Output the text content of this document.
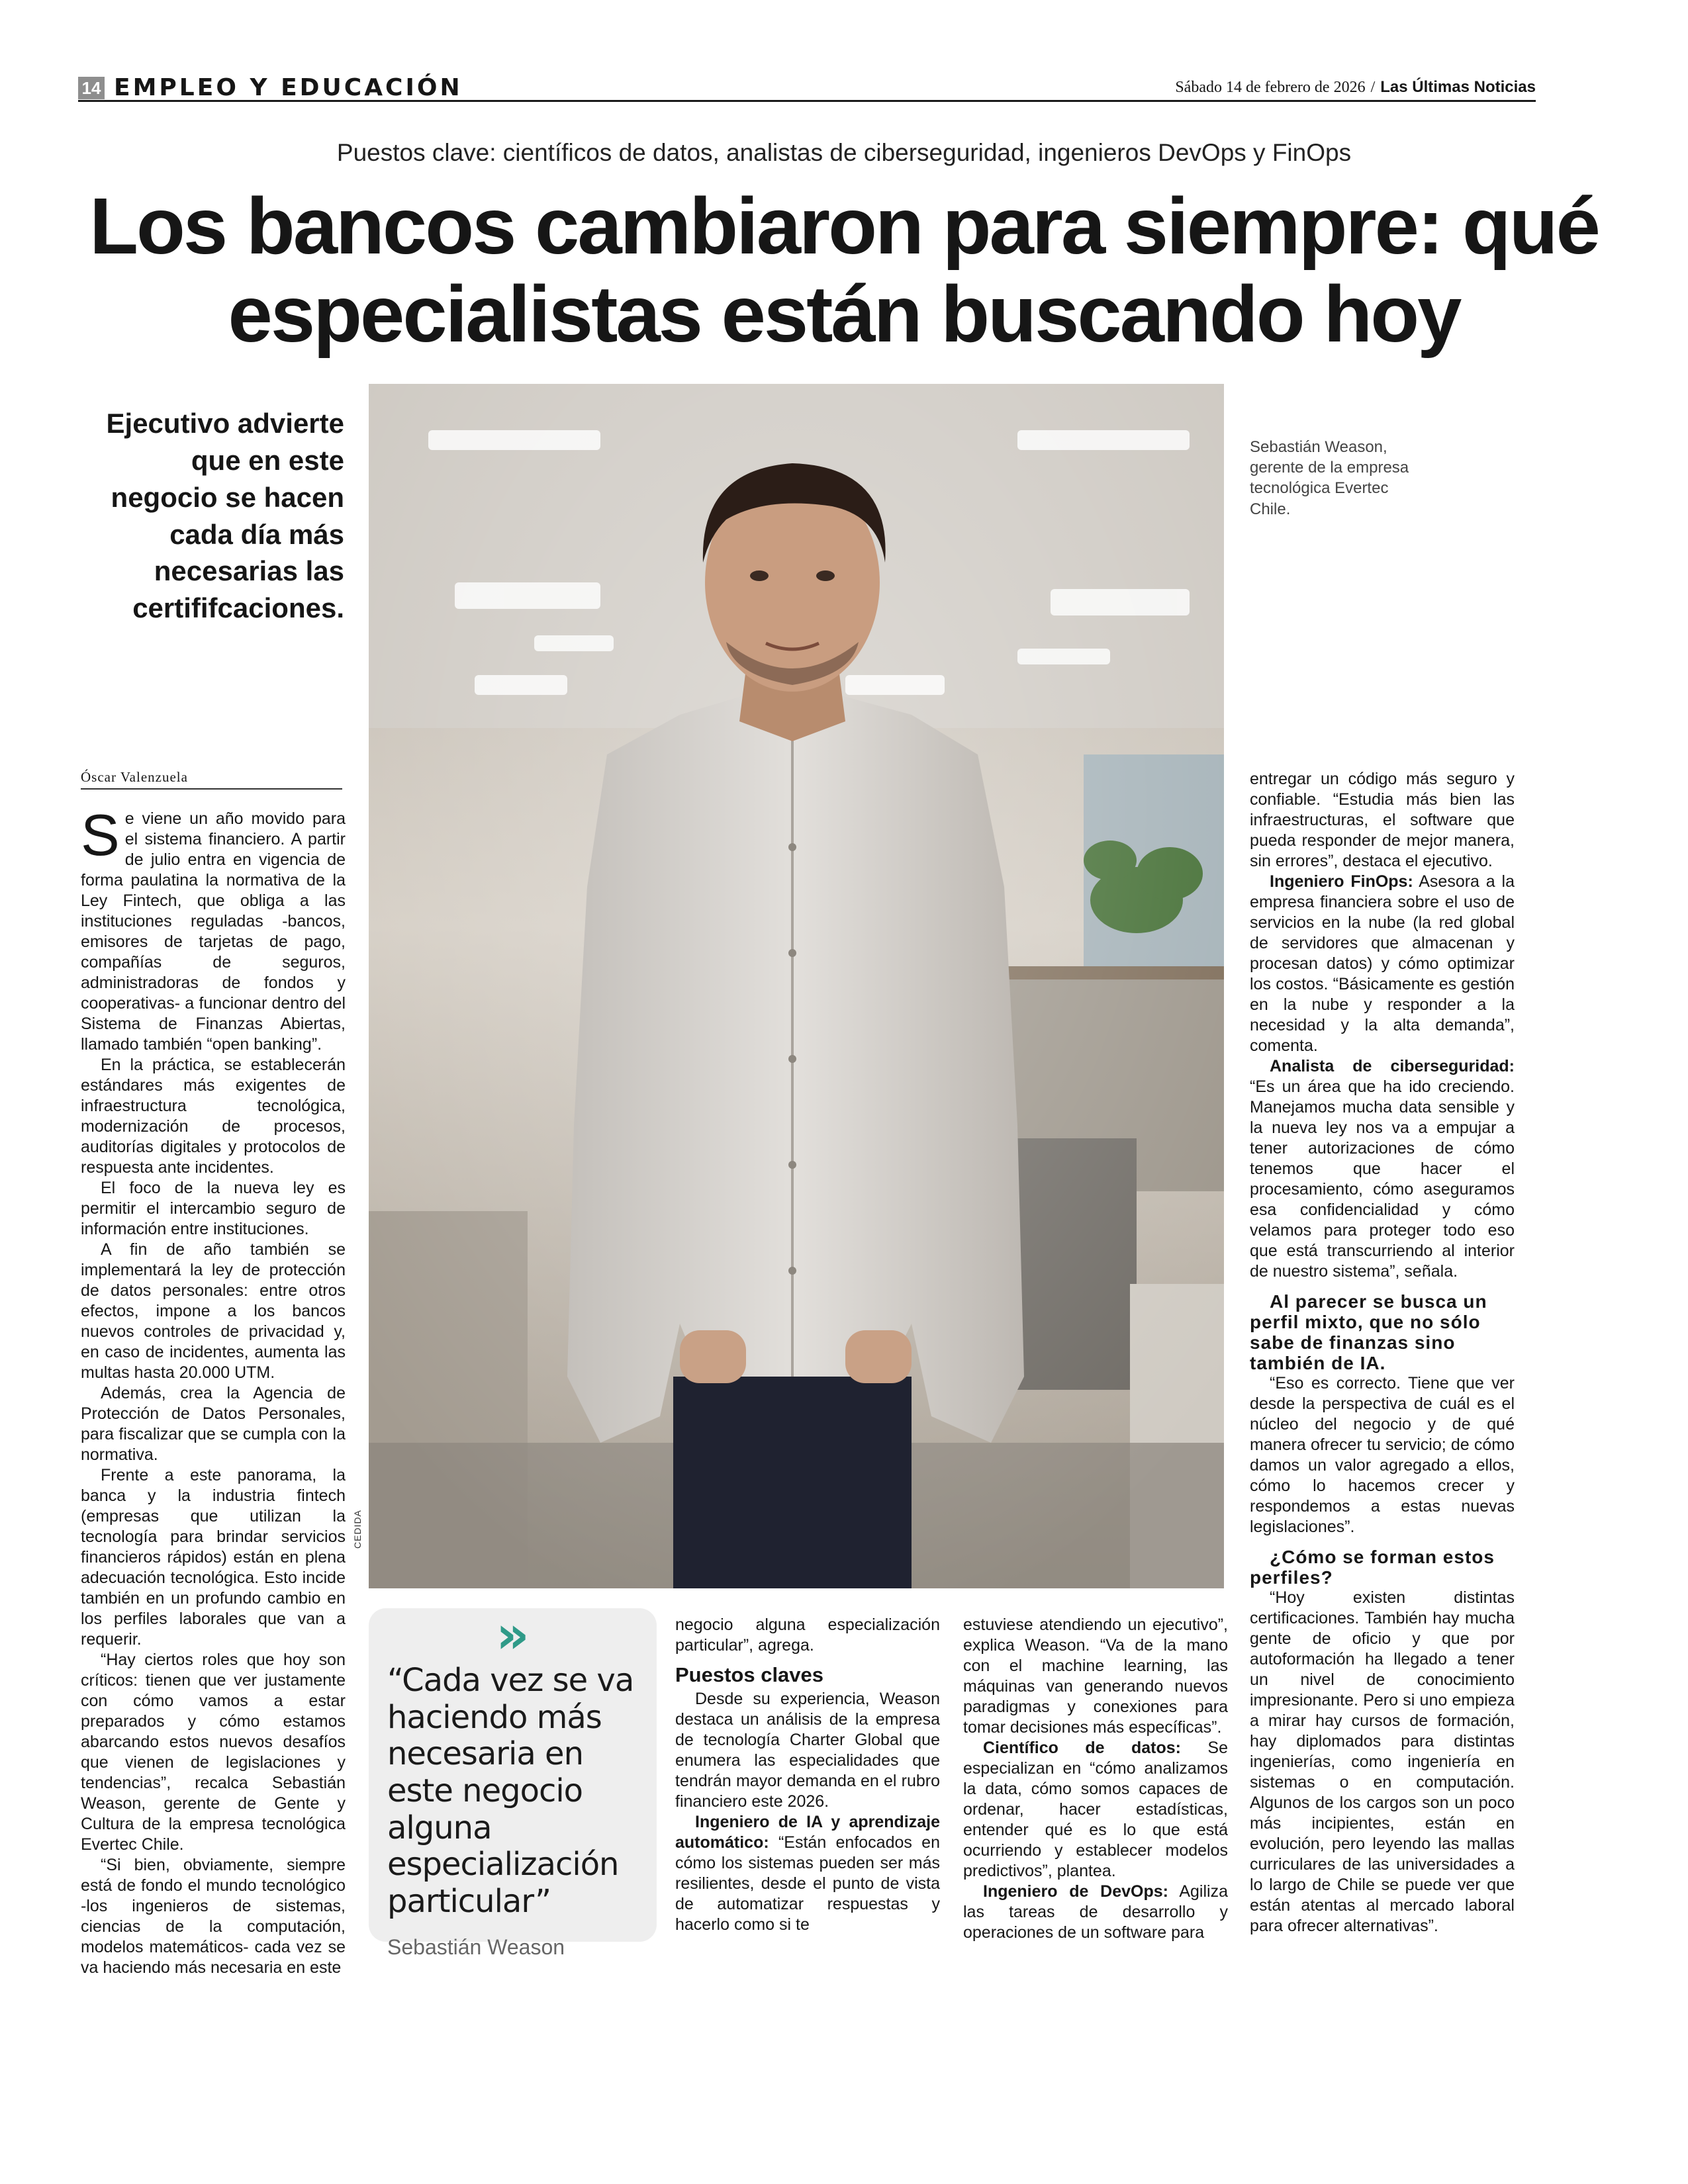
14 EMPLEO Y EDUCACIÓN	Sábado 14 de febrero de 2026 / Las Últimas Noticias
Puestos clave: científicos de datos, analistas de ciberseguridad, ingenieros DevOps y FinOps
Los bancos cambiaron para siempre: qué especialistas están buscando hoy
Ejecutivo advierte que en este negocio se hacen cada día más necesarias las certififcaciones.
CEDIDA
Sebastián Weason, gerente de la empresa tecnológica Evertec Chile.
Óscar Valenzuela

Se viene un año movido para el sistema financiero. A partir de julio entra en vigencia de forma paulatina la normativa de la Ley Fintech, que obliga a las instituciones reguladas -bancos, emisores de tarjetas de pago, compañías de seguros, administradoras de fondos y cooperativas- a funcionar dentro del Sistema de Finanzas Abiertas, llamado también “open banking”.

En la práctica, se establecerán estándares más exigentes de infraestructura tecnológica, modernización de procesos, auditorías digitales y protocolos de respuesta ante incidentes.

El foco de la nueva ley es permitir el intercambio seguro de información entre instituciones.

A fin de año también se implementará la ley de protección de datos personales: entre otros efectos, impone a los bancos nuevos controles de privacidad y, en caso de incidentes, aumenta las multas hasta 20.000 UTM.

Además, crea la Agencia de Protección de Datos Personales, para fiscalizar que se cumpla con la normativa.

Frente a este panorama, la banca y la industria fintech (empresas que utilizan la tecnología para brindar servicios financieros rápidos) están en plena adecuación tecnológica. Esto incide también en un profundo cambio en los perfiles laborales que van a requerir.

“Hay ciertos roles que hoy son críticos: tienen que ver justamente con cómo vamos a estar preparados y cómo estamos abarcando estos nuevos desafíos que vienen de legislaciones y tendencias”, recalca Sebastián Weason, gerente de Gente y Cultura de la empresa tecnológica Evertec Chile.

“Si bien, obviamente, siempre está de fondo el mundo tecnológico -los ingenieros de sistemas, ciencias de la computación, modelos matemáticos- cada vez se va haciendo más necesaria en este

»
“Cada vez se va haciendo más necesaria en este negocio alguna especialización particular”
Sebastián Weason

negocio alguna especialización particular”, agrega.

Puestos claves

Desde su experiencia, Weason destaca un análisis de la empresa de tecnología Charter Global que enumera las especialidades que tendrán mayor demanda en el rubro financiero este 2026.

Ingeniero de IA y aprendizaje automático: “Están enfocados en cómo los sistemas pueden ser más resilientes, desde el punto de vista de automatizar respuestas y hacerlo como si te

estuviese atendiendo un ejecutivo”, explica Weason. “Va de la mano con el machine learning, las máquinas van generando nuevos paradigmas y conexiones para tomar decisiones más específicas”.

Científico de datos: Se especializan en “cómo analizamos la data, cómo somos capaces de ordenar, hacer estadísticas, entender qué es lo que está ocurriendo y establecer modelos predictivos”, plantea.

Ingeniero de DevOps: Agiliza las tareas de desarrollo y operaciones de un software para

entregar un código más seguro y confiable. “Estudia más bien las infraestructuras, el software que pueda responder de mejor manera, sin errores”, destaca el ejecutivo.

Ingeniero FinOps: Asesora a la empresa financiera sobre el uso de servicios en la nube (la red global de servidores que almacenan y procesan datos) y cómo optimizar los costos. “Básicamente es gestión en la nube y responder a la necesidad y la alta demanda”, comenta.

Analista de ciberseguridad: “Es un área que ha ido creciendo. Manejamos mucha data sensible y la nueva ley nos va a empujar a tener autorizaciones de cómo tenemos que hacer el procesamiento, cómo aseguramos esa confidencialidad y cómo velamos para proteger todo eso que está transcurriendo al interior de nuestro sistema”, señala.

Al parecer se busca un perfil mixto, que no sólo sabe de finanzas sino también de IA.

“Eso es correcto. Tiene que ver desde la perspectiva de cuál es el núcleo del negocio y de qué manera ofrecer tu servicio; de cómo damos un valor agregado a ellos, cómo lo hacemos crecer y respondemos a estas nuevas legislaciones”.

¿Cómo se forman estos perfiles?

“Hoy existen distintas certificaciones. También hay mucha gente de oficio y que por autoformación ha llegado a tener un nivel de conocimiento impresionante. Pero si uno empieza a mirar hay cursos de formación, hay diplomados para distintas ingenierías, como ingeniería en sistemas o en computación. Algunos de los cargos son un poco más incipientes, están en evolución, pero leyendo las mallas curriculares de las universidades a lo largo de Chile se puede ver que están atentas al mercado laboral para ofrecer alternativas”.
